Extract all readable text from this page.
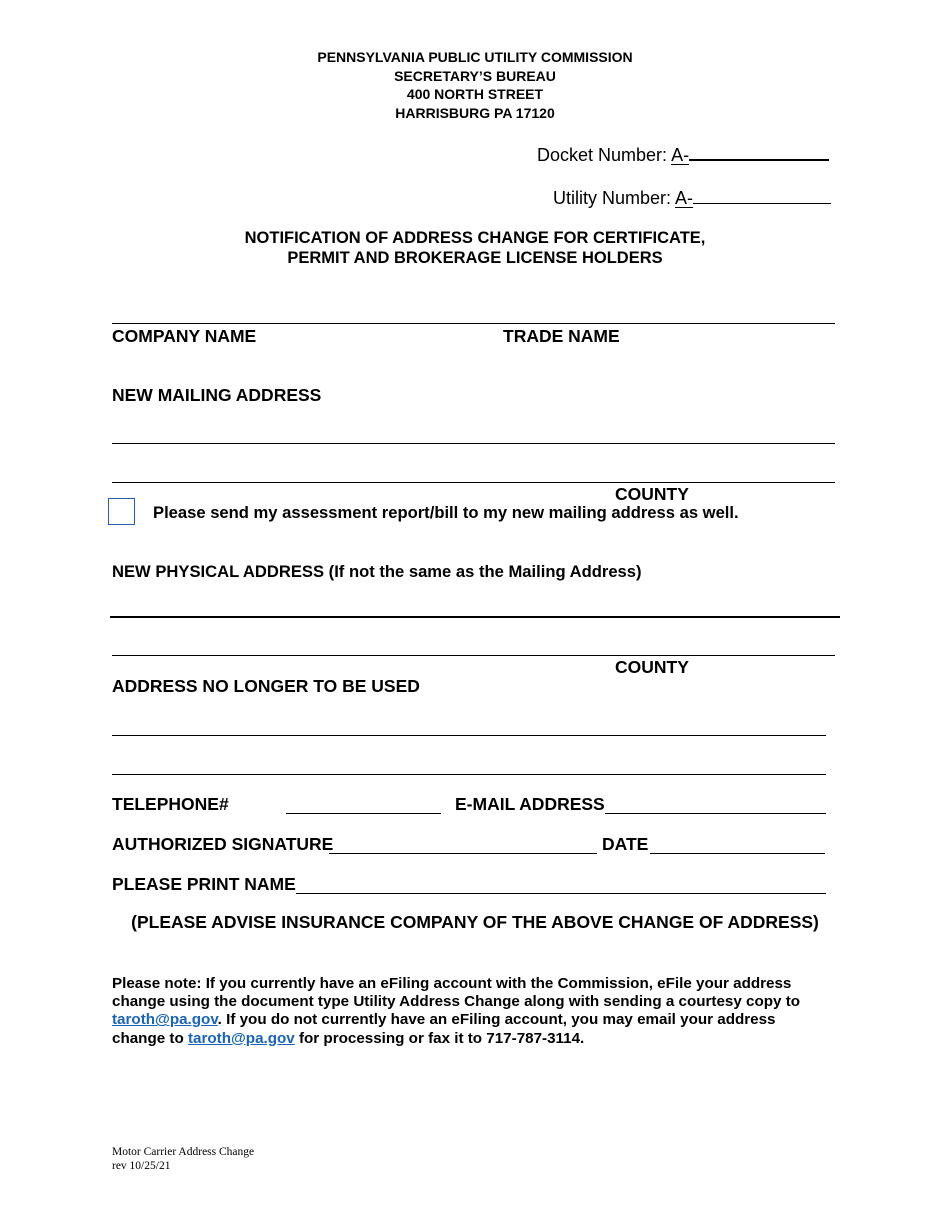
PENNSYLVANIA PUBLIC UTILITY COMMISSION
SECRETARY’S BUREAU
400 NORTH STREET
HARRISBURG PA 17120
Docket Number: A-
Utility Number: A-
NOTIFICATION OF ADDRESS CHANGE FOR CERTIFICATE,
PERMIT AND BROKERAGE LICENSE HOLDERS
COMPANY NAME	TRADE NAME
NEW MAILING ADDRESS
COUNTY
Please send my assessment report/bill to my new mailing address as well.
NEW PHYSICAL ADDRESS (If not the same as the Mailing Address)
COUNTY
ADDRESS NO LONGER TO BE USED
TELEPHONE#	E-MAIL ADDRESS
AUTHORIZED SIGNATURE	DATE
PLEASE PRINT NAME
(PLEASE ADVISE INSURANCE COMPANY OF THE ABOVE CHANGE OF ADDRESS)
Please note: If you currently have an eFiling account with the Commission, eFile your address change using the document type Utility Address Change along with sending a courtesy copy to taroth@pa.gov. If you do not currently have an eFiling account, you may email your address change to taroth@pa.gov for processing or fax it to 717-787-3114.
Motor Carrier Address Change
rev 10/25/21
